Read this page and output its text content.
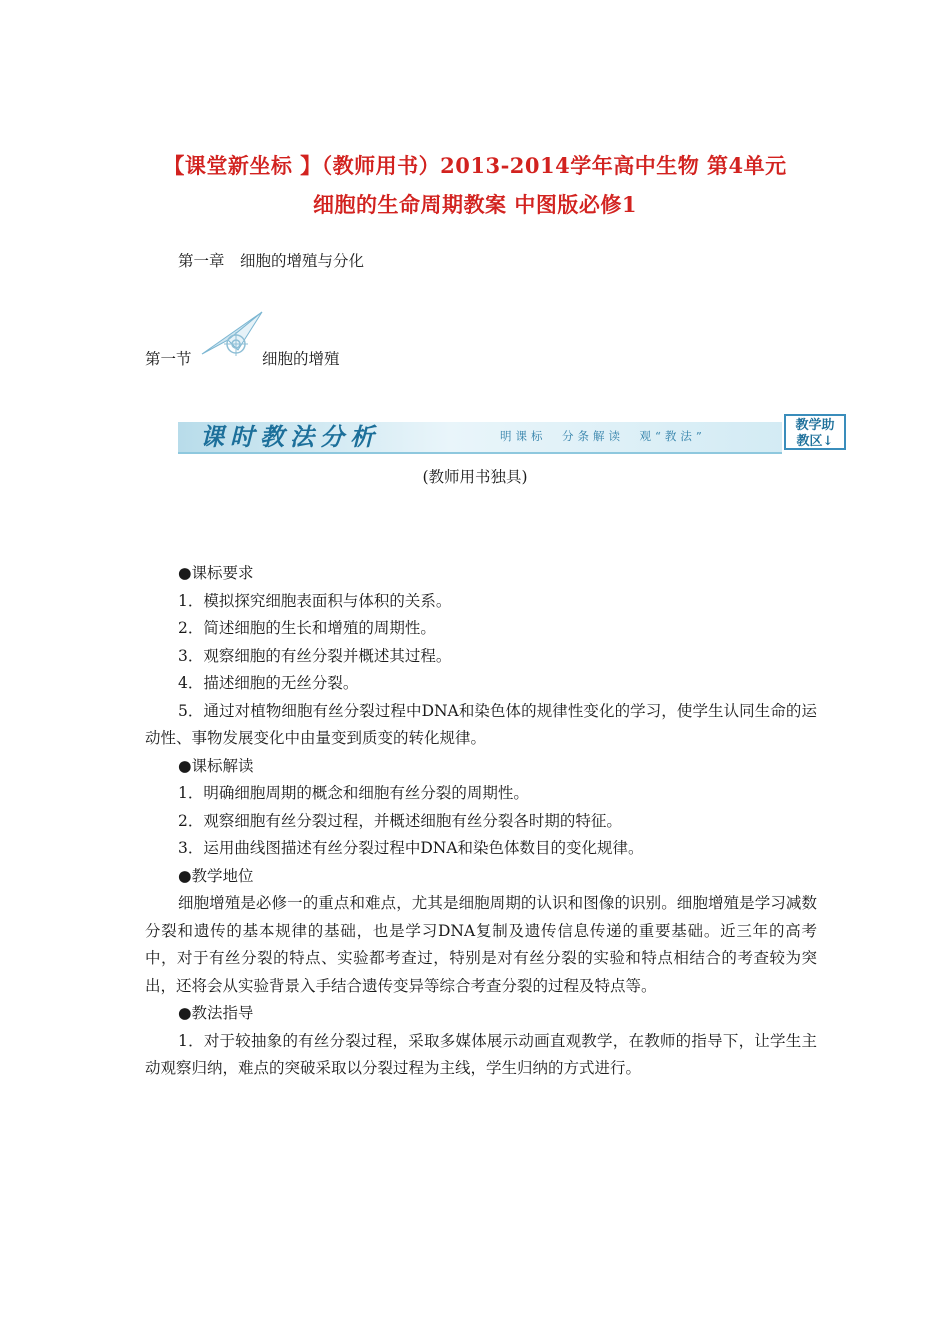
【课堂新坐标 】（教师用书）2013-2014学年高中生物 第4单元
细胞的生命周期教案 中图版必修1
第一章　细胞的增殖与分化
第一节	细胞的增殖
课时教法分析	明课标　分条解读　观“教法”
教学助
教区↓
(教师用书独具)

●课标要求

1．模拟探究细胞表面积与体积的关系。

2．简述细胞的生长和增殖的周期性。

3．观察细胞的有丝分裂并概述其过程。

4．描述细胞的无丝分裂。

5．通过对植物细胞有丝分裂过程中DNA和染色体的规律性变化的学习，使学生认同生命的运动性、事物发展变化中由量变到质变的转化规律。

●课标解读

1．明确细胞周期的概念和细胞有丝分裂的周期性。

2．观察细胞有丝分裂过程，并概述细胞有丝分裂各时期的特征。

3．运用曲线图描述有丝分裂过程中DNA和染色体数目的变化规律。

●教学地位

细胞增殖是必修一的重点和难点，尤其是细胞周期的认识和图像的识别。细胞增殖是学习减数分裂和遗传的基本规律的基础，也是学习DNA复制及遗传信息传递的重要基础。近三年的高考中，对于有丝分裂的特点、实验都考查过，特别是对有丝分裂的实验和特点相结合的考查较为突出，还将会从实验背景入手结合遗传变异等综合考查分裂的过程及特点等。

●教法指导

1．对于较抽象的有丝分裂过程，采取多媒体展示动画直观教学，在教师的指导下，让学生主动观察归纳，难点的突破采取以分裂过程为主线，学生归纳的方式进行。
